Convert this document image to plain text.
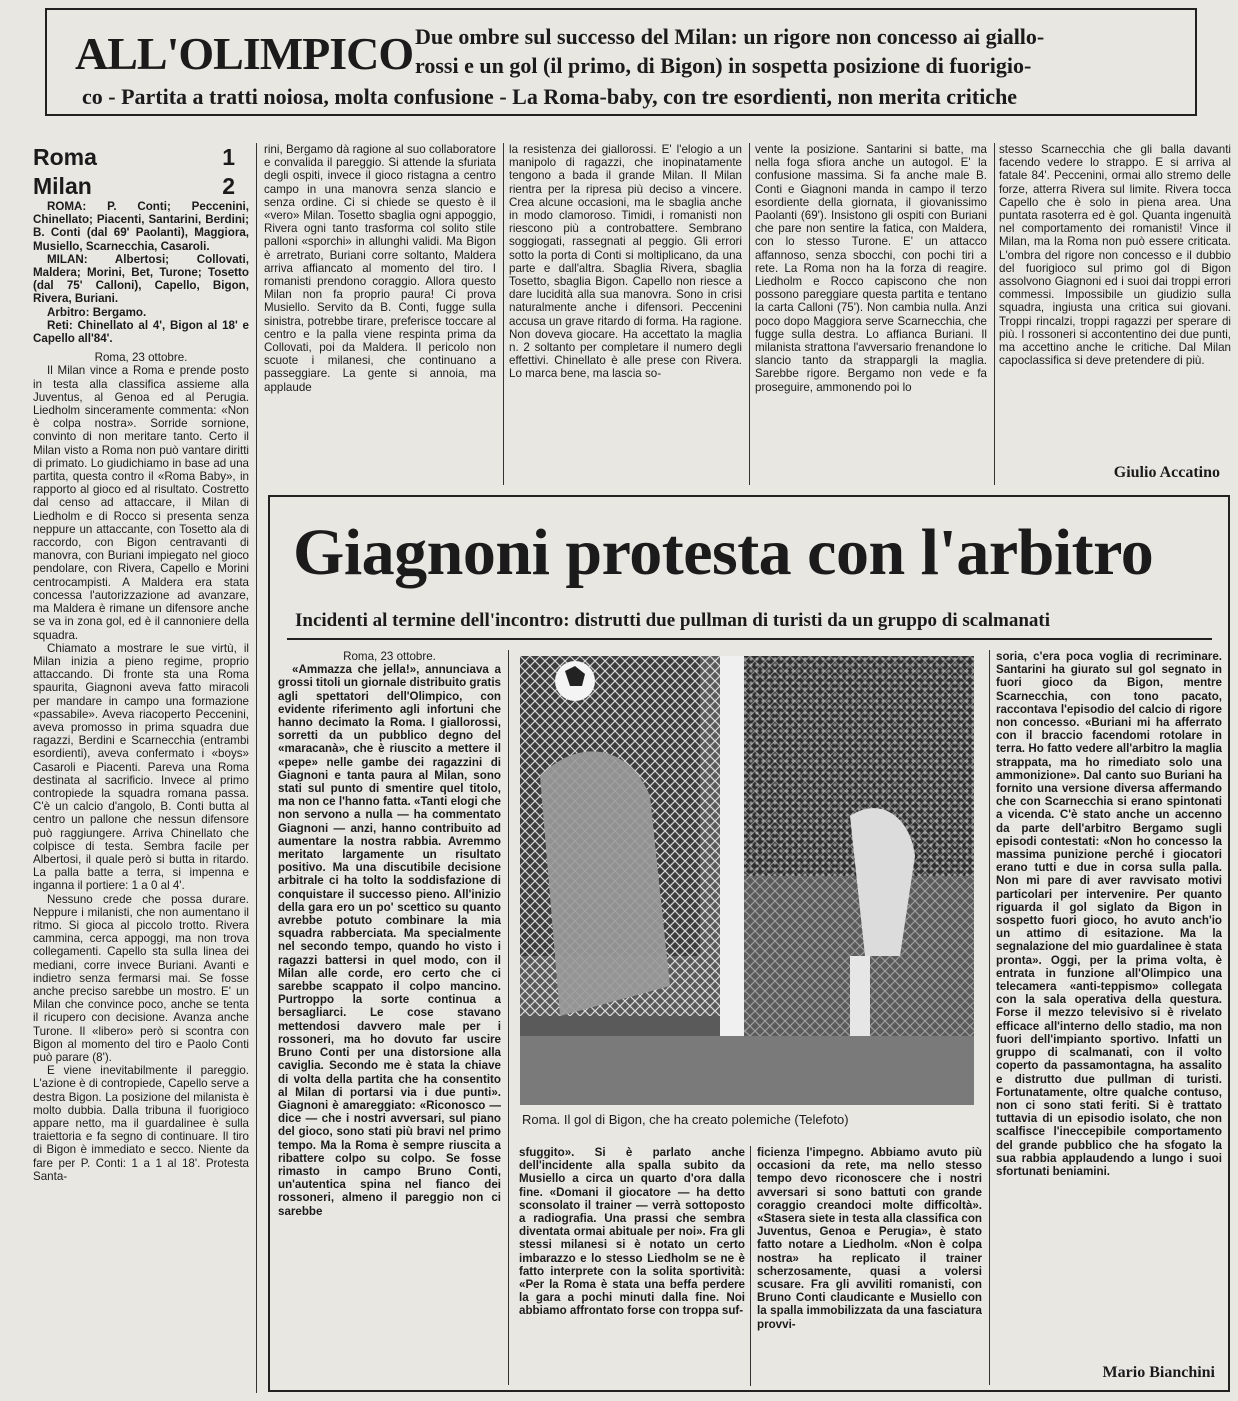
ALL'OLIMPICO Due ombre sul successo del Milan: un rigore non concesso ai giallo-
rossi e un gol (il primo, di Bigon) in sospetta posizione di fuorigio-
co - Partita a tratti noiosa, molta confusione - La Roma-baby, con tre esordienti, non merita critiche
Roma	1
Milan	2

ROMA: P. Conti; Peccenini, Chinellato; Piacenti, Santarini, Berdini; B. Conti (dal 69' Paolanti), Maggiora, Musiello, Scarnecchia, Casaroli.

MILAN: Albertosi; Collovati, Maldera; Morini, Bet, Turone; Tosetto (dal 75' Calloni), Capello, Bigon, Rivera, Buriani.

Arbitro: Bergamo.

Reti: Chinellato al 4', Bigon al 18' e Capello all'84'.

Roma, 23 ottobre.

Il Milan vince a Roma e prende posto in testa alla classifica assieme alla Juventus, al Genoa ed al Perugia. Liedholm sinceramente commenta: «Non è colpa nostra». Sorride sornione, convinto di non meritare tanto. Certo il Milan visto a Roma non può vantare diritti di primato. Lo giudichiamo in base ad una partita, questa contro il «Roma Baby», in rapporto al gioco ed al risultato. Costretto dal censo ad attaccare, il Milan di Liedholm e di Rocco si presenta senza neppure un attaccante, con Tosetto ala di raccordo, con Bigon centravanti di manovra, con Buriani impiegato nel gioco pendolare, con Rivera, Capello e Morini centrocampisti. A Maldera era stata concessa l'autorizzazione ad avanzare, ma Maldera è rimane un difensore anche se va in zona gol, ed è il cannoniere della squadra.

Chiamato a mostrare le sue virtù, il Milan inizia a pieno regime, proprio attaccando. Di fronte sta una Roma spaurita, Giagnoni aveva fatto miracoli per mandare in campo una formazione «passabile». Aveva riacoperto Peccenini, aveva promosso in prima squadra due ragazzi, Berdini e Scarnecchia (entrambi esordienti), aveva confermato i «boys» Casaroli e Piacenti. Pareva una Roma destinata al sacrificio. Invece al primo contropiede la squadra romana passa. C'è un calcio d'angolo, B. Conti butta al centro un pallone che nessun difensore può raggiungere. Arriva Chinellato che colpisce di testa. Sembra facile per Albertosi, il quale però si butta in ritardo. La palla batte a terra, si impenna e inganna il portiere: 1 a 0 al 4'.

Nessuno crede che possa durare. Neppure i milanisti, che non aumentano il ritmo. Si gioca al piccolo trotto. Rivera cammina, cerca appoggi, ma non trova collegamenti. Capello sta sulla linea dei mediani, corre invece Buriani. Avanti e indietro senza fermarsi mai. Se fosse anche preciso sarebbe un mostro. E' un Milan che convince poco, anche se tenta il ricupero con decisione. Avanza anche Turone. Il «libero» però si scontra con Bigon al momento del tiro e Paolo Conti può parare (8').

E viene inevitabilmente il pareggio. L'azione è di contropiede, Capello serve a destra Bigon. La posizione del milanista è molto dubbia. Dalla tribuna il fuorigioco appare netto, ma il guardalinee è sulla traiettoria e fa segno di continuare. Il tiro di Bigon è immediato e secco. Niente da fare per P. Conti: 1 a 1 al 18'. Protesta Santa-

rini, Bergamo dà ragione al suo collaboratore e convalida il pareggio. Si attende la sfuriata degli ospiti, invece il gioco ristagna a centro campo in una manovra senza slancio e senza ordine. Ci si chiede se questo è il «vero» Milan. Tosetto sbaglia ogni appoggio, Rivera ogni tanto trasforma col solito stile palloni «sporchi» in allunghi validi. Ma Bigon è arretrato, Buriani corre soltanto, Maldera arriva affiancato al momento del tiro. I romanisti prendono coraggio. Allora questo Milan non fa proprio paura! Ci prova Musiello. Servito da B. Conti, fugge sulla sinistra, potrebbe tirare, preferisce toccare al centro e la palla viene respinta prima da Collovati, poi da Maldera. Il pericolo non scuote i milanesi, che continuano a passeggiare. La gente si annoia, ma applaude

la resistenza dei giallorossi. E' l'elogio a un manipolo di ragazzi, che inopinatamente tengono a bada il grande Milan. Il Milan rientra per la ripresa più deciso a vincere. Crea alcune occasioni, ma le sbaglia anche in modo clamoroso. Timidi, i romanisti non riescono più a controbattere. Sembrano soggiogati, rassegnati al peggio. Gli errori sotto la porta di Conti si moltiplicano, da una parte e dall'altra. Sbaglia Rivera, sbaglia Tosetto, sbaglia Bigon. Capello non riesce a dare lucidità alla sua manovra. Sono in crisi naturalmente anche i difensori. Peccenini accusa un grave ritardo di forma. Ha ragione. Non doveva giocare. Ha accettato la maglia n. 2 soltanto per completare il numero degli effettivi. Chinellato è alle prese con Rivera. Lo marca bene, ma lascia so-

vente la posizione. Santarini si batte, ma nella foga sfiora anche un autogol. E' la confusione massima. Si fa anche male B. Conti e Giagnoni manda in campo il terzo esordiente della giornata, il giovanissimo Paolanti (69'). Insistono gli ospiti con Buriani che pare non sentire la fatica, con Maldera, con lo stesso Turone. E' un attacco affannoso, senza sbocchi, con pochi tiri a rete. La Roma non ha la forza di reagire. Liedholm e Rocco capiscono che non possono pareggiare questa partita e tentano la carta Calloni (75'). Non cambia nulla. Anzi poco dopo Maggiora serve Scarnecchia, che fugge sulla destra. Lo affianca Buriani. Il milanista strattona l'avversario frenandone lo slancio tanto da strappargli la maglia. Sarebbe rigore. Bergamo non vede e fa proseguire, ammonendo poi lo

stesso Scarnecchia che gli balla davanti facendo vedere lo strappo. E si arriva al fatale 84'. Peccenini, ormai allo stremo delle forze, atterra Rivera sul limite. Rivera tocca Capello che è solo in piena area. Una puntata rasoterra ed è gol. Quanta ingenuità nel comportamento dei romanisti! Vince il Milan, ma la Roma non può essere criticata. L'ombra del rigore non concesso e il dubbio del fuorigioco sul primo gol di Bigon assolvono Giagnoni ed i suoi dai troppi errori commessi. Impossibile un giudizio sulla squadra, ingiusta una critica sui giovani. Troppi rincalzi, troppi ragazzi per sperare di più. I rossoneri si accontentino dei due punti, ma accettino anche le critiche. Dal Milan capoclassifica si deve pretendere di più.

Giulio Accatino
Giagnoni protesta con l'arbitro
Incidenti al termine dell'incontro: distrutti due pullman di turisti da un gruppo di scalmanati

Roma, 23 ottobre.

«Ammazza che jella!», annunciava a grossi titoli un giornale distribuito gratis agli spettatori dell'Olimpico, con evidente riferimento agli infortuni che hanno decimato la Roma. I giallorossi, sorretti da un pubblico degno del «maracanà», che è riuscito a mettere il «pepe» nelle gambe dei ragazzini di Giagnoni e tanta paura al Milan, sono stati sul punto di smentire quel titolo, ma non ce l'hanno fatta. «Tanti elogi che non servono a nulla — ha commentato Giagnoni — anzi, hanno contribuito ad aumentare la nostra rabbia. Avremmo meritato largamente un risultato positivo. Ma una discutibile decisione arbitrale ci ha tolto la soddisfazione di conquistare il successo pieno. All'inizio della gara ero un po' scettico su quanto avrebbe potuto combinare la mia squadra rabberciata. Ma specialmente nel secondo tempo, quando ho visto i ragazzi battersi in quel modo, con il Milan alle corde, ero certo che ci sarebbe scappato il colpo mancino. Purtroppo la sorte continua a bersagliarci. Le cose stavano mettendosi davvero male per i rossoneri, ma ho dovuto far uscire Bruno Conti per una distorsione alla caviglia. Secondo me è stata la chiave di volta della partita che ha consentito al Milan di portarsi via i due punti». Giagnoni è amareggiato: «Riconosco — dice — che i nostri avversari, sul piano del gioco, sono stati più bravi nel primo tempo. Ma la Roma è sempre riuscita a ribattere colpo su colpo. Se fosse rimasto in campo Bruno Conti, un'autentica spina nel fianco dei rossoneri, almeno il pareggio non ci sarebbe

Roma. Il gol di Bigon, che ha creato polemiche (Telefoto)

sfuggito». Si è parlato anche dell'incidente alla spalla subito da Musiello a circa un quarto d'ora dalla fine. «Domani il giocatore — ha detto sconsolato il trainer — verrà sottoposto a radiografia. Una prassi che sembra diventata ormai abituale per noi». Fra gli stessi milanesi si è notato un certo imbarazzo e lo stesso Liedholm se ne è fatto interprete con la solita sportività: «Per la Roma è stata una beffa perdere la gara a pochi minuti dalla fine. Noi abbiamo affrontato forse con troppa suf-

ficienza l'impegno. Abbiamo avuto più occasioni da rete, ma nello stesso tempo devo riconoscere che i nostri avversari si sono battuti con grande coraggio creandoci molte difficoltà». «Stasera siete in testa alla classifica con Juventus, Genoa e Perugia», è stato fatto notare a Liedholm. «Non è colpa nostra» ha replicato il trainer scherzosamente, quasi a volersi scusare. Fra gli avviliti romanisti, con Bruno Conti claudicante e Musiello con la spalla immobilizzata da una fasciatura provvi-

soria, c'era poca voglia di recriminare. Santarini ha giurato sul gol segnato in fuori gioco da Bigon, mentre Scarnecchia, con tono pacato, raccontava l'episodio del calcio di rigore non concesso. «Buriani mi ha afferrato con il braccio facendomi rotolare in terra. Ho fatto vedere all'arbitro la maglia strappata, ma ho rimediato solo una ammonizione». Dal canto suo Buriani ha fornito una versione diversa affermando che con Scarnecchia si erano spintonati a vicenda. C'è stato anche un accenno da parte dell'arbitro Bergamo sugli episodi contestati: «Non ho concesso la massima punizione perché i giocatori erano tutti e due in corsa sulla palla. Non mi pare di aver ravvisato motivi particolari per intervenire. Per quanto riguarda il gol siglato da Bigon in sospetto fuori gioco, ho avuto anch'io un attimo di esitazione. Ma la segnalazione del mio guardalinee è stata pronta». Oggi, per la prima volta, è entrata in funzione all'Olimpico una telecamera «anti-teppismo» collegata con la sala operativa della questura. Forse il mezzo televisivo si è rivelato efficace all'interno dello stadio, ma non fuori dell'impianto sportivo. Infatti un gruppo di scalmanati, con il volto coperto da passamontagna, ha assalito e distrutto due pullman di turisti. Fortunatamente, oltre qualche contuso, non ci sono stati feriti. Si è trattato tuttavia di un episodio isolato, che non scalfisce l'ineccepibile comportamento del grande pubblico che ha sfogato la sua rabbia applaudendo a lungo i suoi sfortunati beniamini.

Mario Bianchini
